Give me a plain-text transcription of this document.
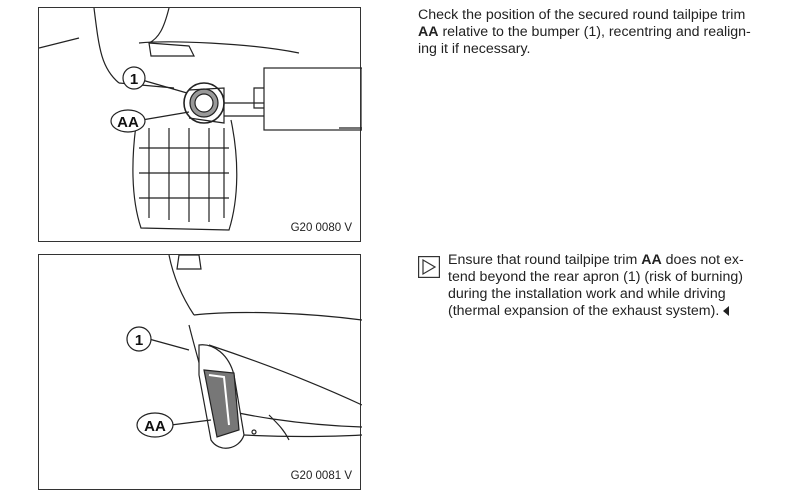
1
AA
G20 0080 V
1
AA
G20 0081 V
Check the position of the secured round tailpipe trim
AA relative to the bumper (1), recentring and realign-
ing it if necessary.
Ensure that round tailpipe trim AA does not ex-
tend beyond the rear apron (1) (risk of burning)
during the installation work and while driving
(thermal expansion of the exhaust system).
